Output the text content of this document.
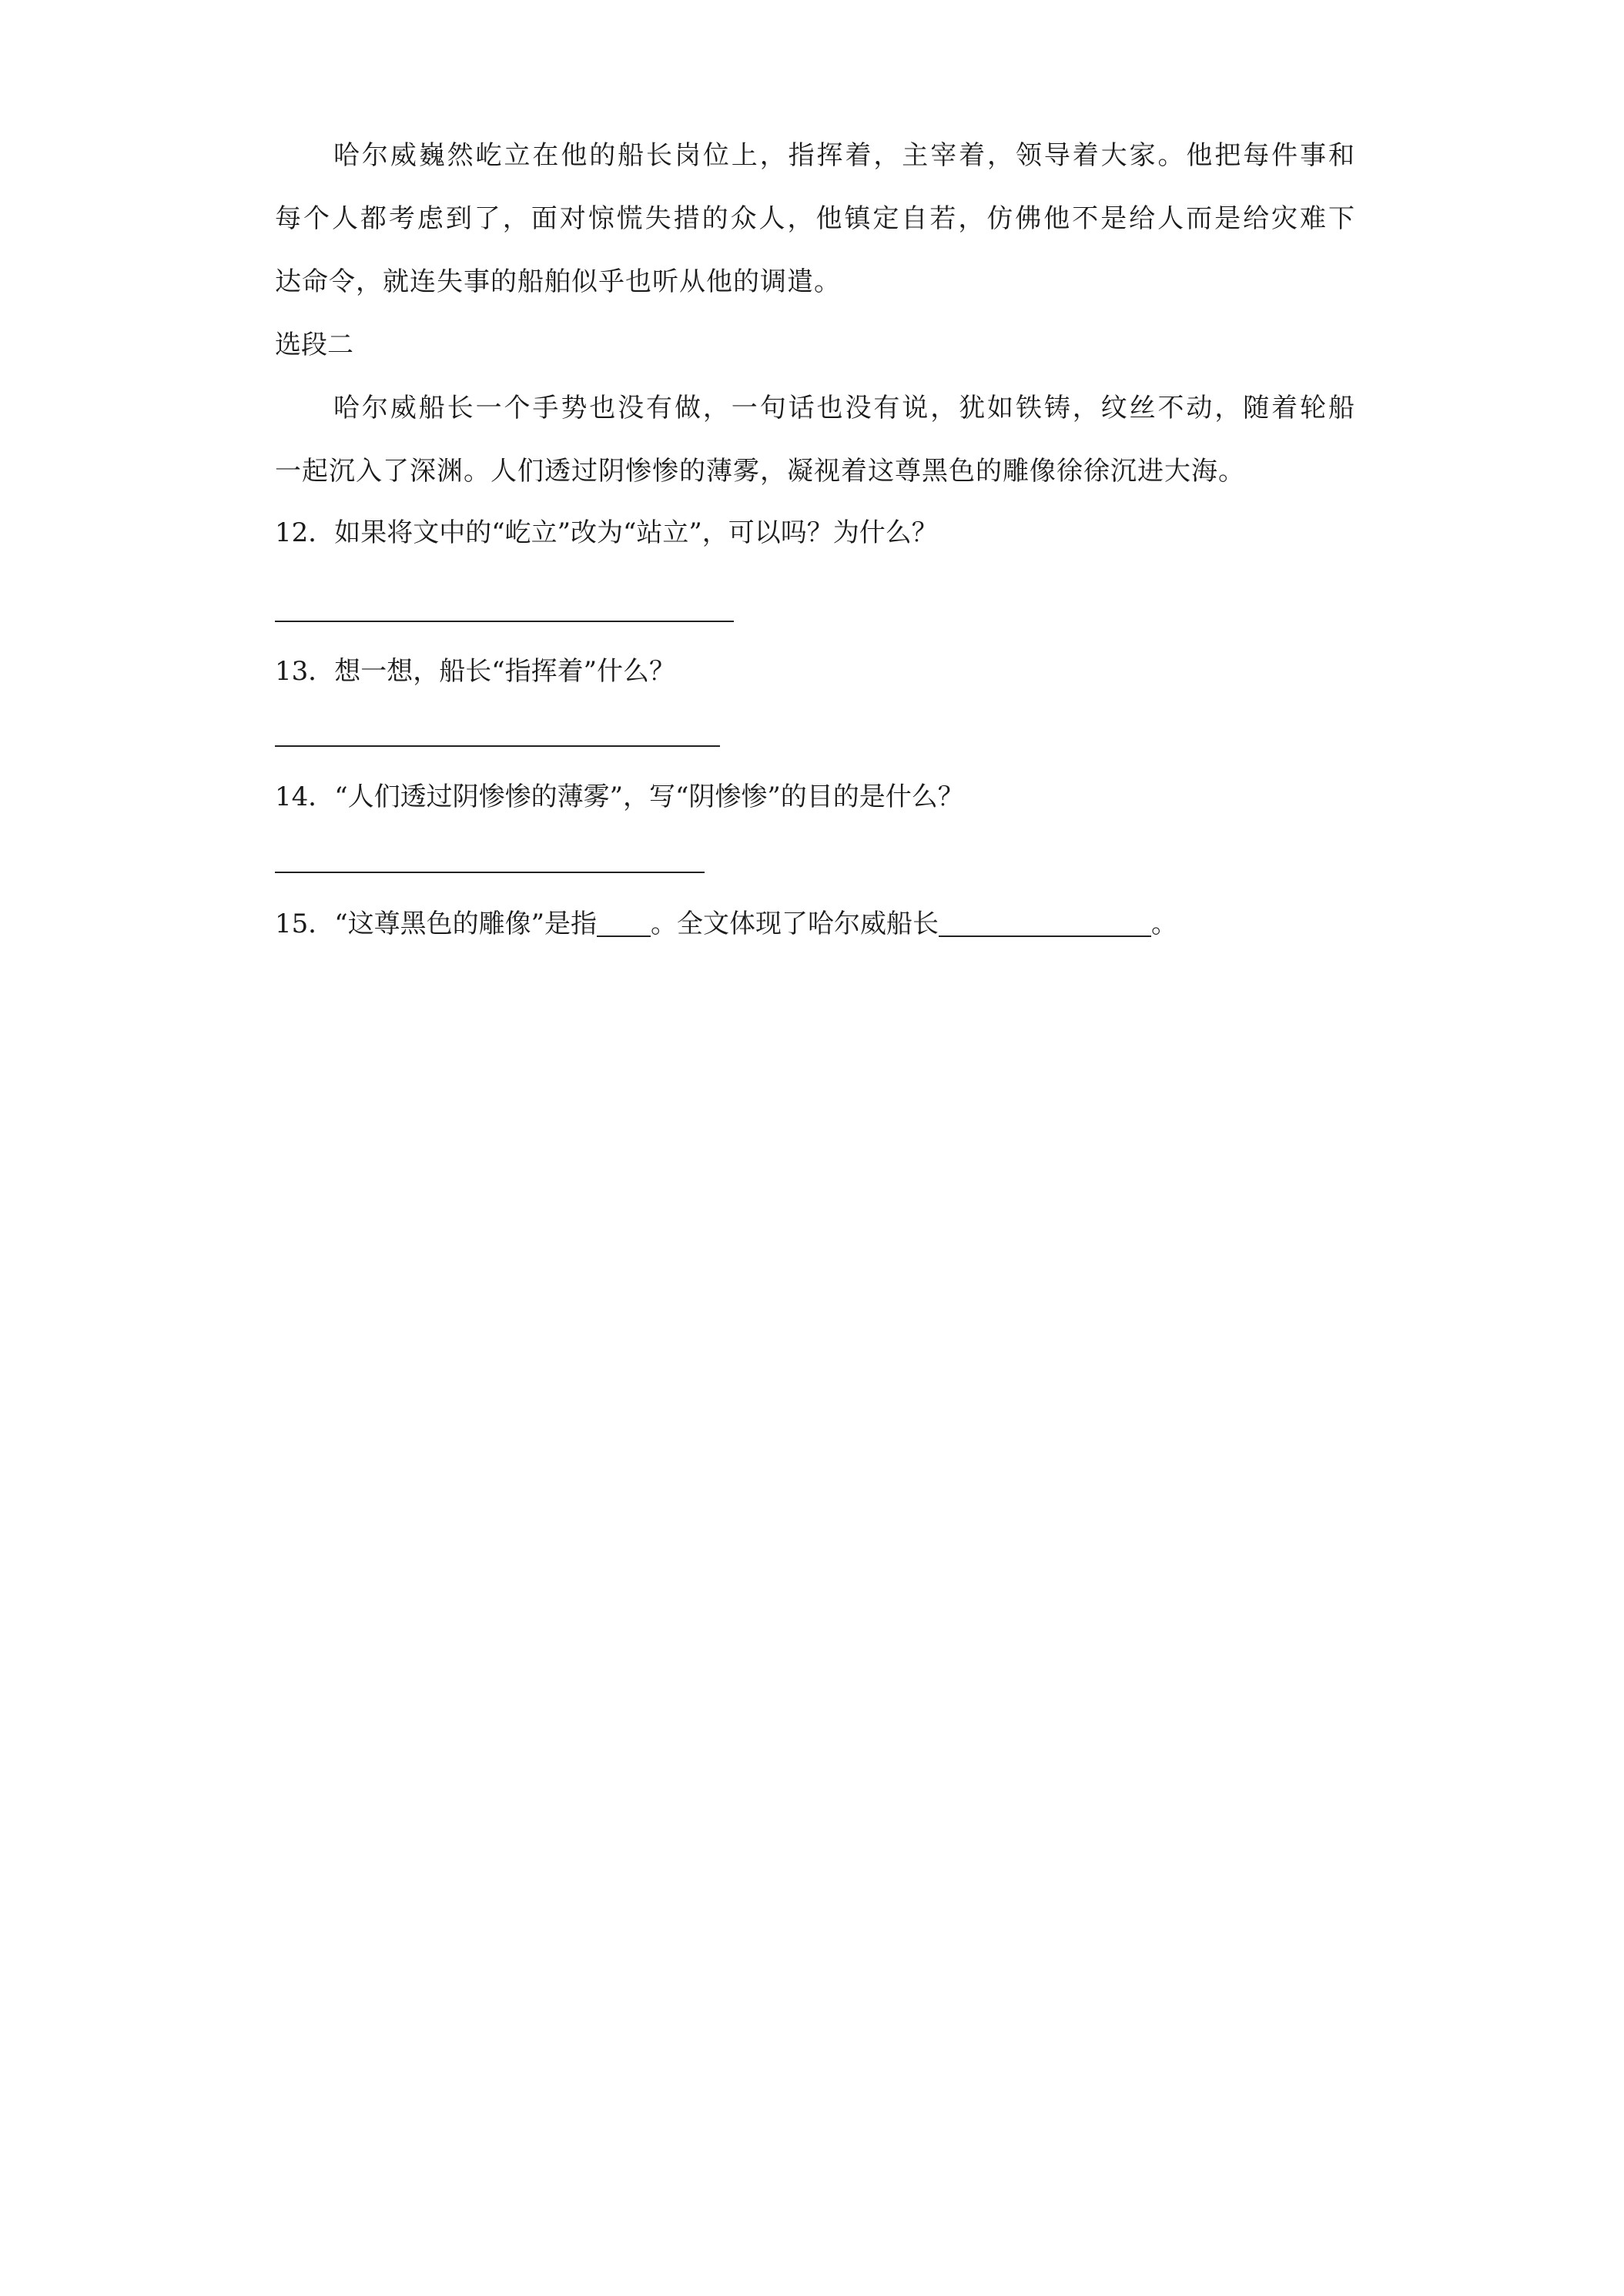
哈尔威巍然屹立在他的船长岗位上，指挥着，主宰着，领导着大家。他把每件事和
每个人都考虑到了，面对惊慌失措的众人，他镇定自若，仿佛他不是给人而是给灾难下
达命令，就连失事的船舶似乎也听从他的调遣。
选段二
哈尔威船长一个手势也没有做，一句话也没有说，犹如铁铸，纹丝不动，随着轮船
一起沉入了深渊。人们透过阴惨惨的薄雾，凝视着这尊黑色的雕像徐徐沉进大海。
12．如果将文中的“屹立”改为“站立”，可以吗？为什么？
13．想一想，船长“指挥着”什么？
14．“人们透过阴惨惨的薄雾”，写“阴惨惨”的目的是什么？
15．“这尊黑色的雕像”是指 。全文体现了哈尔威船长	。
